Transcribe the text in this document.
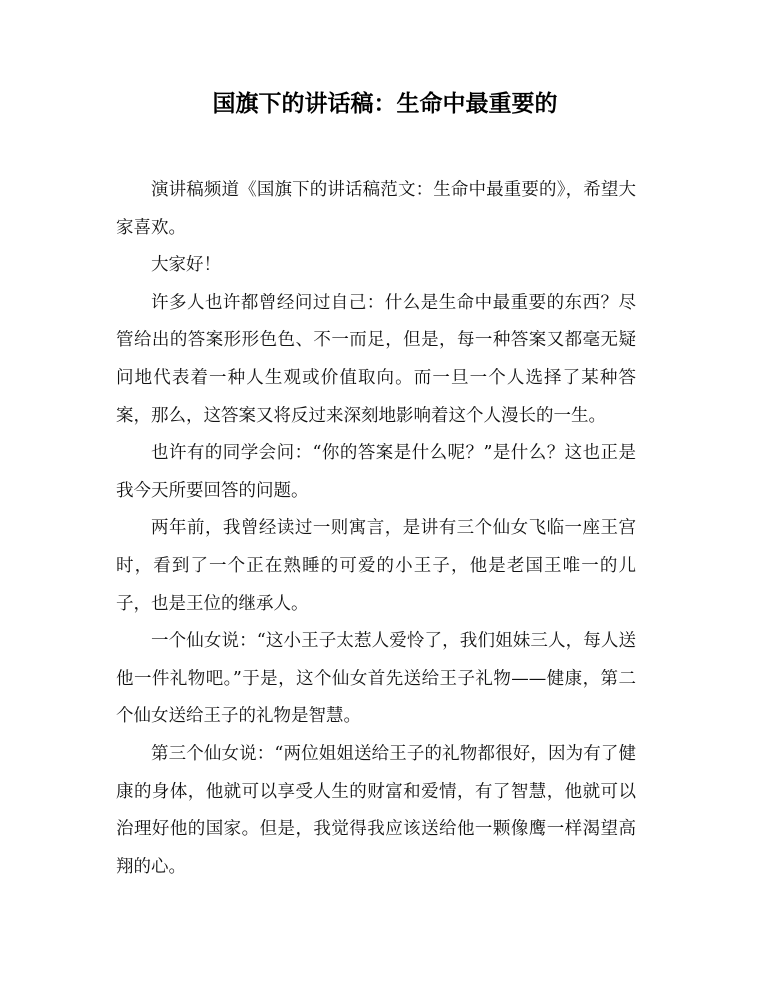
国旗下的讲话稿：生命中最重要的

演讲稿频道《国旗下的讲话稿范文：生命中最重要的》，希望大家喜欢。

大家好！

许多人也许都曾经问过自己：什么是生命中最重要的东西？尽管给出的答案形形色色、不一而足，但是，每一种答案又都毫无疑问地代表着一种人生观或价值取向。而一旦一个人选择了某种答案，那么，这答案又将反过来深刻地影响着这个人漫长的一生。

也许有的同学会问：“你的答案是什么呢？”是什么？这也正是我今天所要回答的问题。

两年前，我曾经读过一则寓言，是讲有三个仙女飞临一座王宫时，看到了一个正在熟睡的可爱的小王子，他是老国王唯一的儿子，也是王位的继承人。

一个仙女说：“这小王子太惹人爱怜了，我们姐妹三人，每人送他一件礼物吧。”于是，这个仙女首先送给王子礼物——健康，第二个仙女送给王子的礼物是智慧。

第三个仙女说：“两位姐姐送给王子的礼物都很好，因为有了健康的身体，他就可以享受人生的财富和爱情，有了智慧，他就可以治理好他的国家。但是，我觉得我应该送给他一颗像鹰一样渴望高翔的心。
